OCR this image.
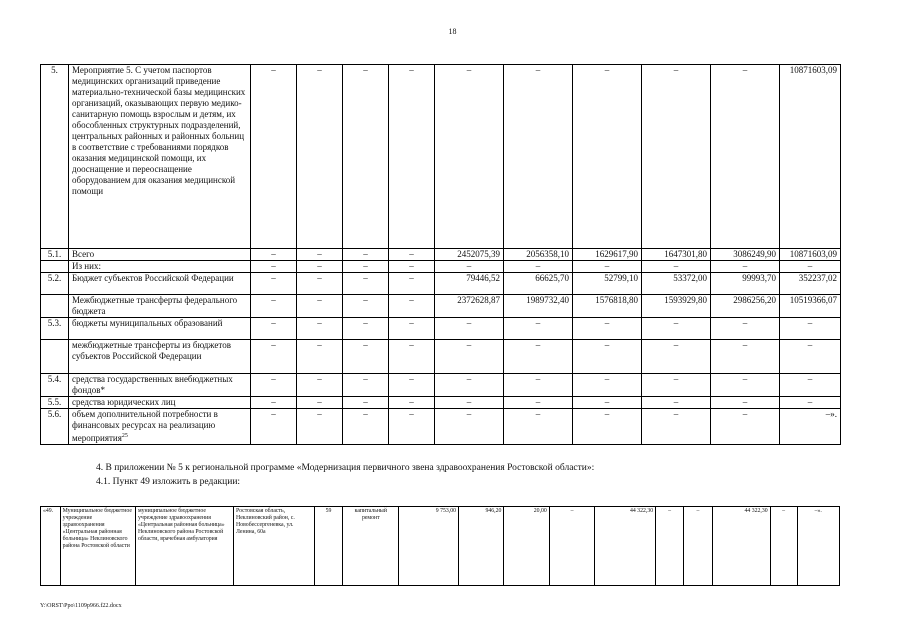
18
5.	Мероприятие 5. С учетом паспортов медицинских организаций приведение материально-технической базы медицинских организаций, оказывающих первую медико-санитарную помощь взрослым и детям, их обособленных структурных подразделений, центральных районных и районных больниц в соответствие с требованиями порядков оказания медицинской помощи, их дооснащение и переоснащение оборудованием для оказания медицинской помощи	–	–	–	–	–	–	–	–	–	10871603,09
5.1.	Всего	–	–	–	–	2452075,39	2056358,10	1629617,90	1647301,80	3086249,90	10871603,09
	Из них:	–	–	–	–	–	–	–	–	–	–
5.2.	Бюджет субъектов Российской Федерации	–	–	–	–	79446,52	66625,70	52799,10	53372,00	99993,70	352237,02
	Межбюджетные трансферты федерального бюджета	–	–	–	–	2372628,87	1989732,40	1576818,80	1593929,80	2986256,20	10519366,07
5.3.	бюджеты муниципальных образований	–	–	–	–	–	–	–	–	–	–
	межбюджетные трансферты из бюджетов субъектов Российской Федерации	–	–	–	–	–	–	–	–	–	–
5.4.	средства государственных внебюджетных фондов*	–	–	–	–	–	–	–	–	–	–
5.5.	средства юридических лиц	–	–	–	–	–	–	–	–	–	–
5.6.	объем дополнительной потребности в финансовых ресурсах на реализацию мероприятия$^{25}$	–	–	–	–	–	–	–	–	–	–».
4. В приложении № 5 к региональной программе «Модернизация первичного звена здравоохранения Ростовской области»:
4.1. Пункт 49 изложить в редакции:
«49.	Муниципальное бюджетное учреждение здравоохранения «Центральная районная больница» Неклиновского района Ростовской области	муниципальное бюджетное учреждение здравоохранения «Центральная районная больница» Неклиновского района Ростовской области, врачебная амбулатория	Ростовская область, Неклиновский район, с. Новобессергеневка, ул. Ленина, 60а	59	капитальный ремонт	9 753,00	946,20	20,00	–	44 322,30	–	–	44 322,30	–	–».
Y:\ORST\Ppo\1109p966.f22.docx
